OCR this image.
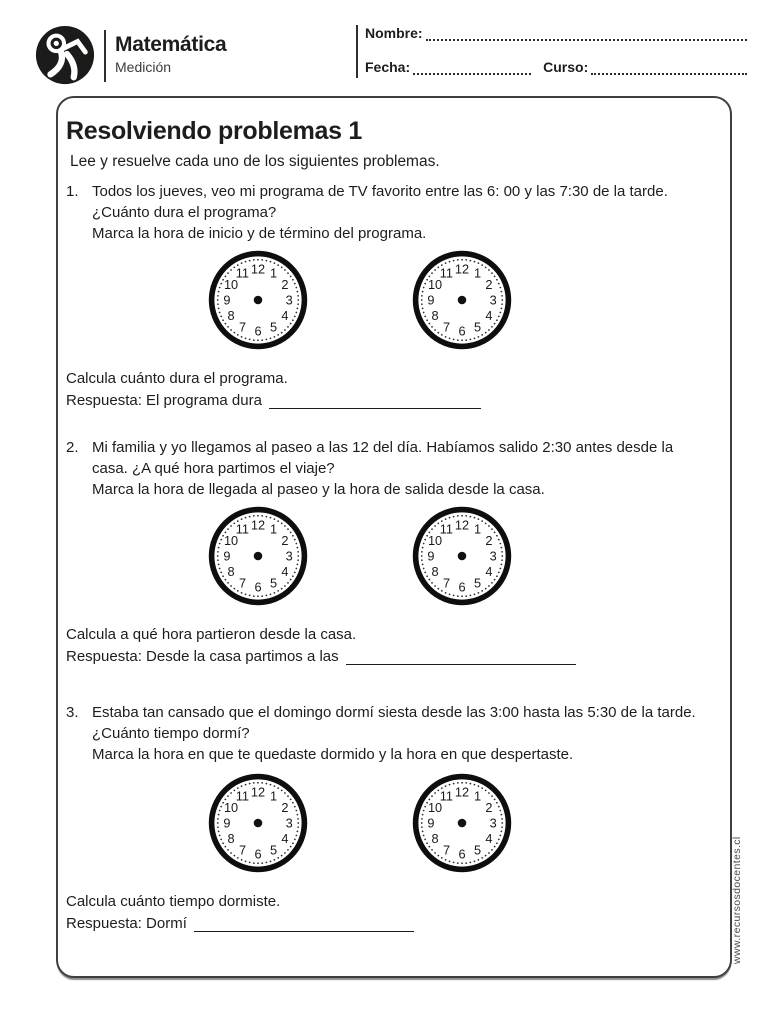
Matemática
Medición
Nombre:
Fecha:	Curso:
Resolviendo problemas 1
Lee y resuelve cada uno de los siguientes problemas.
1. Todos los jueves, veo mi programa de TV favorito entre las 6: 00 y las 7:30 de la tarde. ¿Cuánto dura el programa?
Marca la hora de inicio y de término del programa.
12 1
2
3
4
5
6
7
8
9
10
11	12 1
2
3
4
5
6
7
8
9
10
11
Calcula cuánto dura el programa.
Respuesta: El programa dura
2. Mi familia y yo llegamos al paseo a las 12 del día. Habíamos salido 2:30 antes desde la casa. ¿A qué hora partimos el viaje?
Marca la hora de llegada al paseo y la hora de salida desde la casa.
12 1
2
3
4
5
6
7
8
9
10
11	12 1
2
3
4
5
6
7
8
9
10
11
Calcula a qué hora partieron desde la casa.
Respuesta: Desde la casa partimos a las
3. Estaba tan cansado que el domingo dormí siesta desde las 3:00 hasta las 5:30 de la tarde. ¿Cuánto tiempo dormí?
Marca la hora en que te quedaste dormido y la hora en que despertaste.
12 1
2
3
4
5
6
7
8
9
10
11	12 1
2
3
4
5
6
7
8
9
10
11
Calcula cuánto tiempo dormiste.
Respuesta: Dormí	www.recursosdocentes.cl
